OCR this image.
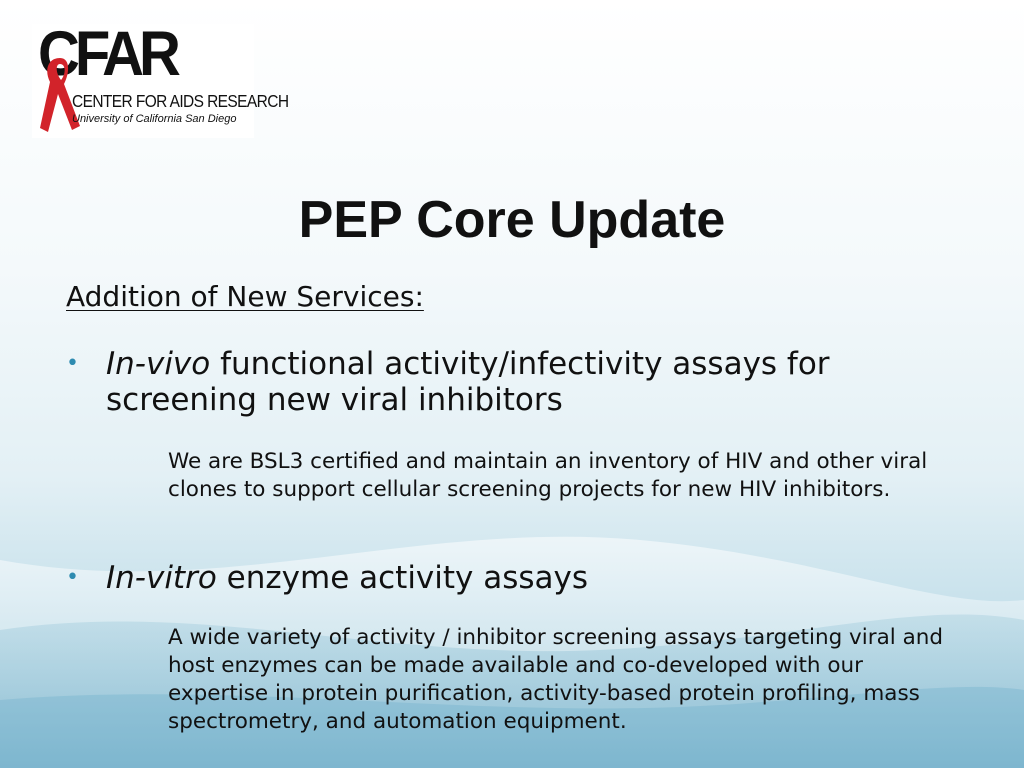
CFAR
CENTER FOR AIDS RESEARCH
University of California San Diego
PEP Core Update
Addition of New Services:
• In-vivo functional activity/infectivity assays for screening new viral inhibitors
We are BSL3 certified and maintain an inventory of HIV and other viral clones to support cellular screening projects for new HIV inhibitors.
• In-vitro enzyme activity assays
A wide variety of activity / inhibitor screening assays targeting viral and host enzymes can be made available and co-developed with our expertise in protein purification, activity-based protein profiling, mass spectrometry, and automation equipment.
